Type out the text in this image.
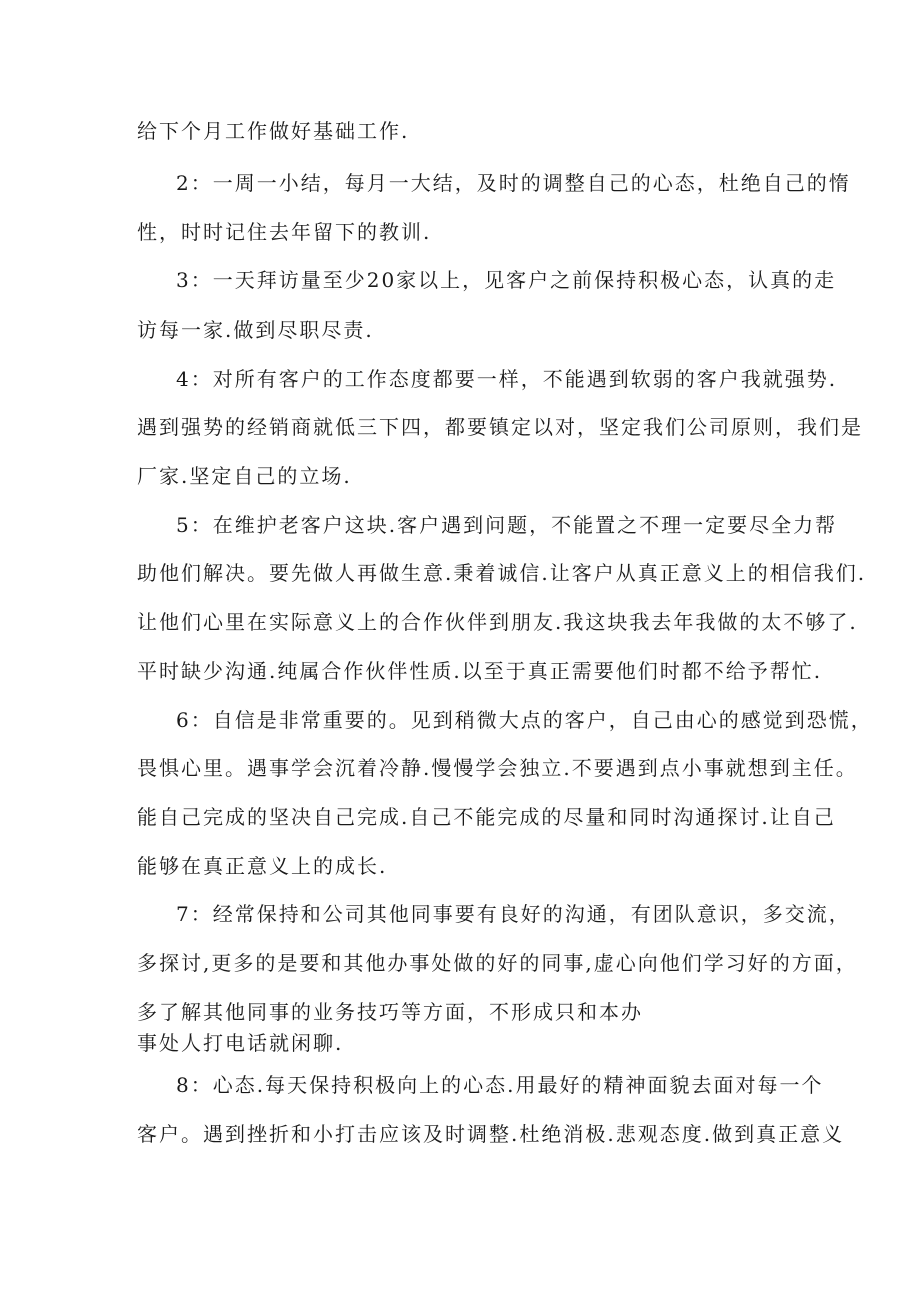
给下个月工作做好基础工作.
2：一周一小结，每月一大结，及时的调整自己的心态，杜绝自己的惰
性，时时记住去年留下的教训.
3：一天拜访量至少20家以上，见客户之前保持积极心态，认真的走
访每一家.做到尽职尽责.
4：对所有客户的工作态度都要一样，不能遇到软弱的客户我就强势.
遇到强势的经销商就低三下四，都要镇定以对，坚定我们公司原则，我们是
厂家.坚定自己的立场.
5：在维护老客户这块.客户遇到问题，不能置之不理一定要尽全力帮
助他们解决。要先做人再做生意.秉着诚信.让客户从真正意义上的相信我们.
让他们心里在实际意义上的合作伙伴到朋友.我这块我去年我做的太不够了.
平时缺少沟通.纯属合作伙伴性质.以至于真正需要他们时都不给予帮忙.
6：自信是非常重要的。见到稍微大点的客户，自己由心的感觉到恐慌，
畏惧心里。遇事学会沉着冷静.慢慢学会独立.不要遇到点小事就想到主任。
能自己完成的坚决自己完成.自己不能完成的尽量和同时沟通探讨.让自己
能够在真正意义上的成长.
7：经常保持和公司其他同事要有良好的沟通，有团队意识，多交流，
多探讨,更多的是要和其他办事处做的好的同事,虚心向他们学习好的方面，
多了解其他同事的业务技巧等方面，不形成只和本办
事处人打电话就闲聊.
8：心态.每天保持积极向上的心态.用最好的精神面貌去面对每一个
客户。遇到挫折和小打击应该及时调整.杜绝消极.悲观态度.做到真正意义
